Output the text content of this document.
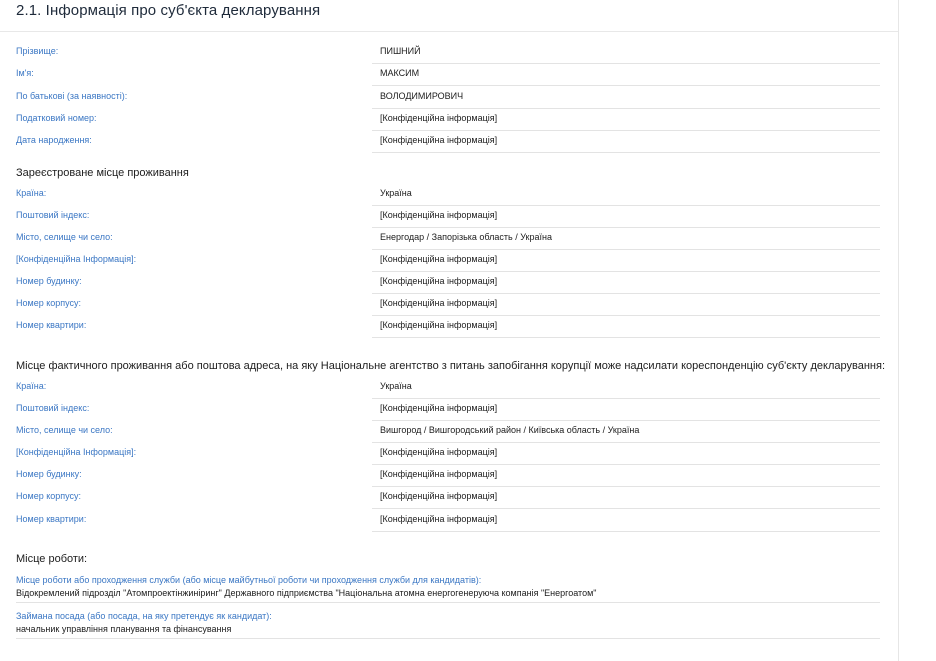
2.1. Інформація про суб'єкта декларування
Прізвище:	ПИШНИЙ
Ім'я:	МАКСИМ
По батькові (за наявності):	ВОЛОДИМИРОВИЧ
Податковий номер:	[Конфіденційна інформація]
Дата народження:	[Конфіденційна інформація]
Зареєстроване місце проживання
Країна:	Україна
Поштовий індекс:	[Конфіденційна інформація]
Місто, селище чи село:	Енергодар / Запорізька область / Україна
[Конфіденційна Інформація]:	[Конфіденційна інформація]
Номер будинку:	[Конфіденційна інформація]
Номер корпусу:	[Конфіденційна інформація]
Номер квартири:	[Конфіденційна інформація]
Місце фактичного проживання або поштова адреса, на яку Національне агентство з питань запобігання корупції може надсилати кореспонденцію суб'єкту декларування:
Країна:	Україна
Поштовий індекс:	[Конфіденційна інформація]
Місто, селище чи село:	Вишгород / Вишгородський район / Київська область / Україна
[Конфіденційна Інформація]:	[Конфіденційна інформація]
Номер будинку:	[Конфіденційна інформація]
Номер корпусу:	[Конфіденційна інформація]
Номер квартири:	[Конфіденційна інформація]
Місце роботи:
Місце роботи або проходження служби (або місце майбутньої роботи чи проходження служби для кандидатів):
Відокремлений підрозділ "Атомпроектінжиніринг" Державного підприємства "Національна атомна енергогенеруюча компанія "Енергоатом"
Займана посада (або посада, на яку претендує як кандидат):
начальник управління планування та фінансування
